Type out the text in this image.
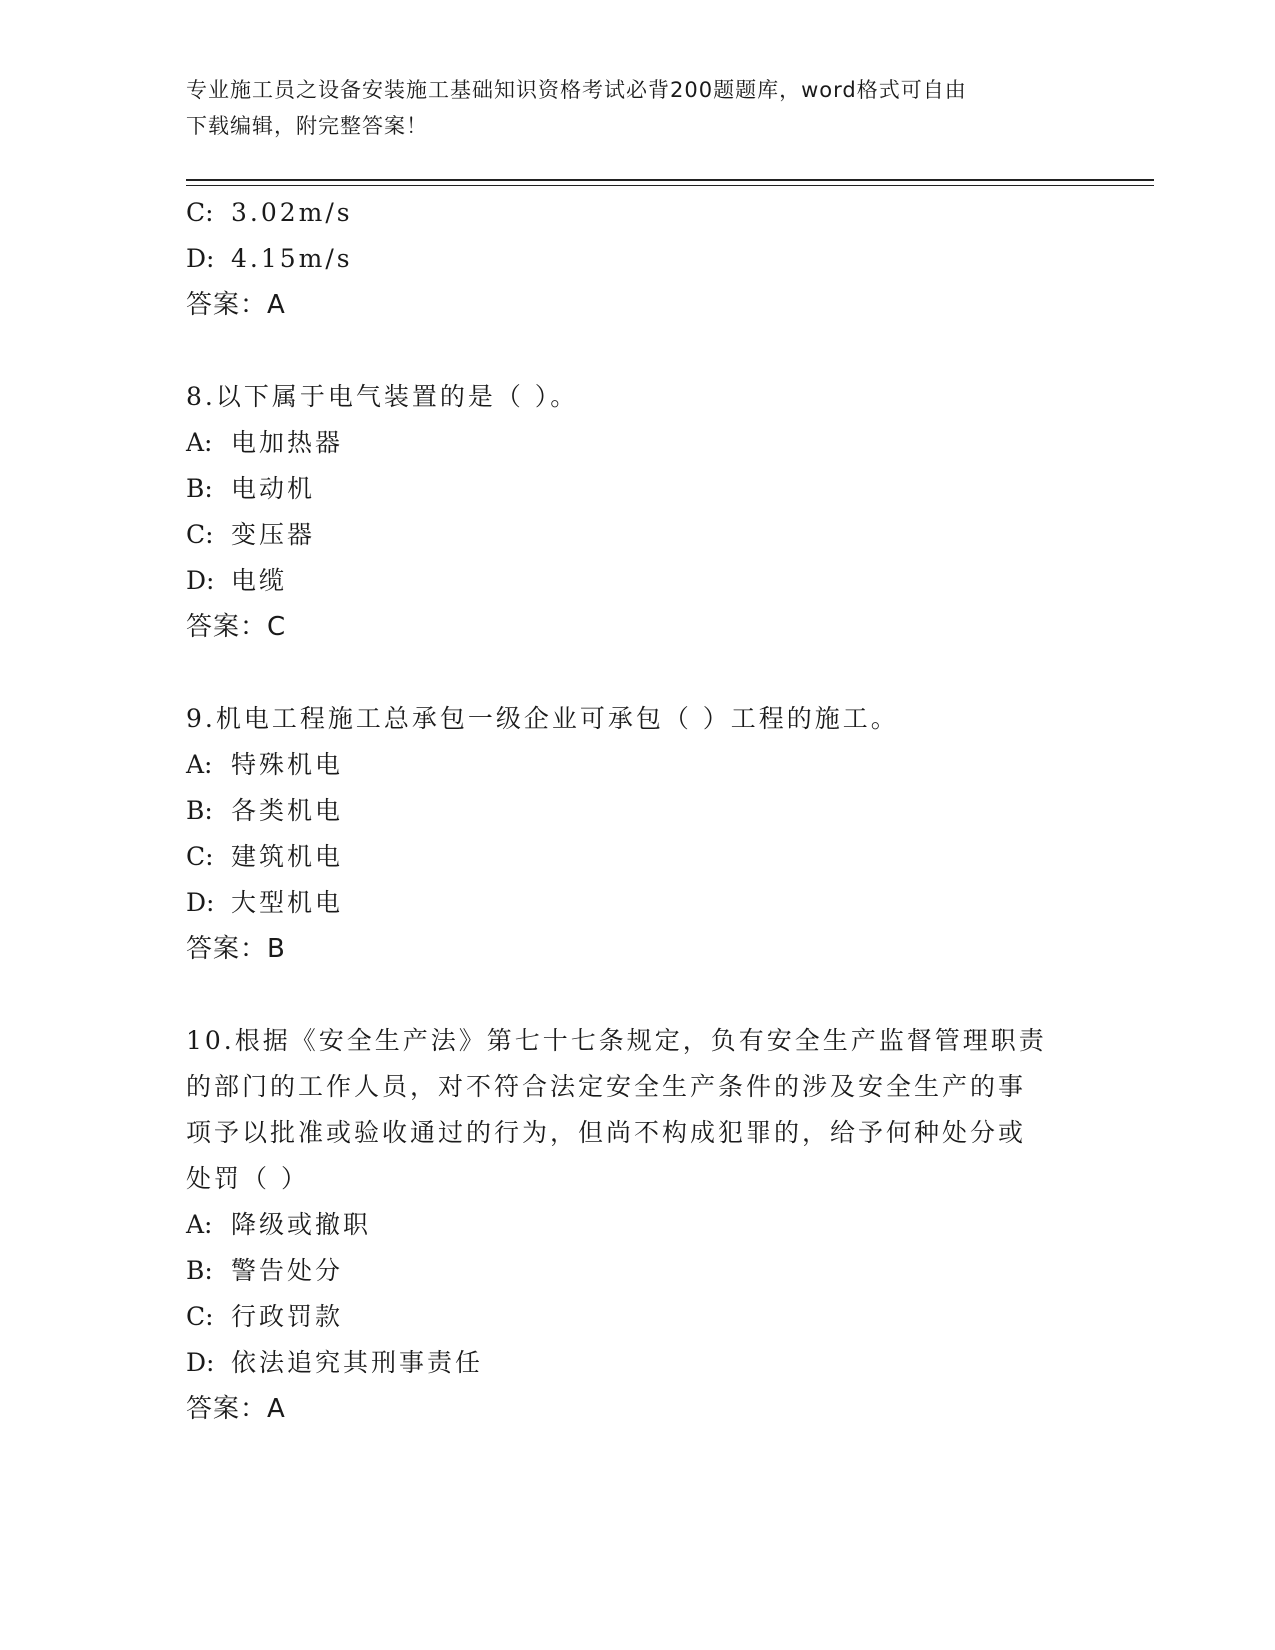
专业施工员之设备安装施工基础知识资格考试必背200题题库，word格式可自由
下载编辑，附完整答案！
C: 3.02m/s
D: 4.15m/s
答案：A
8.以下属于电气装置的是（ ）。
A: 电加热器
B: 电动机
C: 变压器
D: 电缆
答案：C
9.机电工程施工总承包一级企业可承包（ ）工程的施工。
A: 特殊机电
B: 各类机电
C: 建筑机电
D: 大型机电
答案：B
10.根据《安全生产法》第七十七条规定，负有安全生产监督管理职责
的部门的工作人员，对不符合法定安全生产条件的涉及安全生产的事
项予以批准或验收通过的行为，但尚不构成犯罪的，给予何种处分或
处罚（ ）
A: 降级或撤职
B: 警告处分
C: 行政罚款
D: 依法追究其刑事责任
答案：A
